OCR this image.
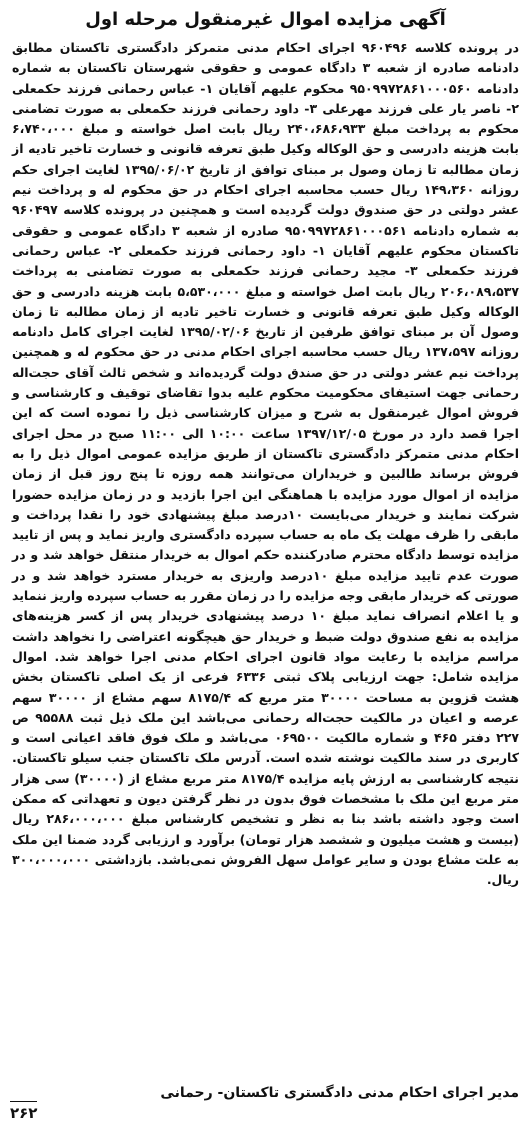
آگهی مزایده اموال غیرمنقول مرحله اول

در پرونده کلاسه ۹۶۰۴۹۶ اجرای احکام مدنی متمرکز دادگستری تاکستان مطابق دادنامه صادره از شعبه ۳ دادگاه عمومی و حقوقی شهرستان تاکستان به شماره دادنامه ۹۵۰۹۹۷۲۸۶۱۰۰۰۵۶۰ محکوم علیهم آقایان ۱- عباس رحمانی فرزند حکمعلی ۲- ناصر یار علی فرزند مهرعلی ۳- داود رحمانی فرزند حکمعلی به صورت تضامنی محکوم به پرداخت مبلغ ۲۴۰،۶۸۶،۹۳۳ ریال بابت اصل خواسته و مبلغ ۶،۷۴۰،۰۰۰ بابت هزینه دادرسی و حق الوکاله وکیل طبق تعرفه قانونی و خسارت تاخیر تادیه از زمان مطالبه تا زمان وصول بر مبنای توافق از تاریخ ۱۳۹۵/۰۶/۰۲ لغایت اجرای حکم روزانه ۱۴۹،۳۶۰ ریال حسب محاسبه اجرای احکام در حق محکوم له و پرداخت نیم عشر دولتی در حق صندوق دولت گردیده است و همچنین در پرونده کلاسه ۹۶۰۴۹۷ به شماره دادنامه ۹۵۰۹۹۷۲۸۶۱۰۰۰۵۶۱ صادره از شعبه ۳ دادگاه عمومی و حقوقی تاکستان محکوم علیهم آقایان ۱- داود رحمانی فرزند حکمعلی ۲- عباس رحمانی فرزند حکمعلی ۳- مجید رحمانی فرزند حکمعلی به صورت تضامنی به پرداخت ۲۰۶،۰۸۹،۵۳۷ ریال بابت اصل خواسته و مبلغ ۵،۵۳۰،۰۰۰ بابت هزینه دادرسی و حق الوکاله وکیل طبق تعرفه قانونی و خسارت تاخیر تادیه از زمان مطالبه تا زمان وصول آن بر مبنای توافق طرفین از تاریخ ۱۳۹۵/۰۲/۰۶ لغایت اجرای کامل دادنامه روزانه ۱۳۷،۵۹۷ ریال حسب محاسبه اجرای احکام مدنی در حق محکوم له و همچنین پرداخت نیم عشر دولتی در حق صندق دولت گردیده‌اند و شخص ثالث آقای حجت‌اله رحمانی جهت استیفای محکومیت محکوم علیه بدوا تقاضای توقیف و کارشناسی و فروش اموال غیرمنقول به شرح و میزان کارشناسی ذیل را نموده است که این اجرا قصد دارد در مورخ ۱۳۹۷/۱۲/۰۵ ساعت ۱۰:۰۰ الی ۱۱:۰۰ صبح در محل اجرای احکام مدنی متمرکز دادگستری تاکستان از طریق مزایده عمومی اموال ذیل را به فروش برساند طالبین و خریداران می‌توانند همه روزه تا پنج روز قبل از زمان مزایده از اموال مورد مزایده با هماهنگی این اجرا بازدید و در زمان مزایده حضورا شرکت نمایند و خریدار می‌بایست ۱۰درصد مبلغ پیشنهادی خود را نقدا پرداخت و مابقی را ظرف مهلت یک ماه به حساب سپرده دادگستری واریز نماید و پس از تایید مزایده توسط دادگاه محترم صادرکننده حکم اموال به خریدار منتقل خواهد شد و در صورت عدم تایید مزایده مبلغ ۱۰درصد واریزی به خریدار مسترد خواهد شد و در صورتی که خریدار مابقی وجه مزایده را در زمان مقرر به حساب سپرده واریز ننماید و یا اعلام انصراف نماید مبلغ ۱۰ درصد پیشنهادی خریدار پس از کسر هزینه‌های مزایده به نفع صندوق دولت ضبط و خریدار حق هیچگونه اعتراضی را نخواهد داشت مراسم مزایده با رعایت مواد قانون اجرای احکام مدنی اجرا خواهد شد. اموال مزایده شامل: جهت ارزیابی پلاک ثبتی ۶۳۳۶ فرعی از یک اصلی تاکستان بخش هشت قزوین به مساحت ۳۰۰۰۰ متر مربع که ۸۱۷۵/۴ سهم مشاع از ۳۰۰۰۰ سهم عرصه و اعیان در مالکیت حجت‌اله رحمانی می‌باشد این ملک ذیل ثبت ۹۵۵۸۸ ص ۲۲۷ دفتر ۴۶۵ و شماره مالکیت ۰۶۹۵۰۰ می‌باشد و ملک فوق فاقد اعیانی است و کاربری در سند مالکیت نوشته شده است. آدرس ملک تاکستان جنب سیلو تاکستان. نتیجه کارشناسی به ارزش پایه مزایده ۸۱۷۵/۴ متر مربع مشاع از (۳۰۰۰۰) سی هزار متر مربع این ملک با مشخصات فوق بدون در نظر گرفتن دیون و تعهداتی که ممکن است وجود داشته باشد بنا به نظر و تشخیص کارشناس مبلغ ۲۸۶،۰۰۰،۰۰۰ ریال (بیست و هشت میلیون و ششصد هزار تومان) برآورد و ارزیابی گردد ضمنا این ملک به علت مشاع بودن و سایر عوامل سهل الفروش نمی‌باشد. بازداشتی ۳۰۰،۰۰۰،۰۰۰ ریال.

مدیر اجرای احکام مدنی دادگستری تاکستان- رحمانی
۲۶۲
